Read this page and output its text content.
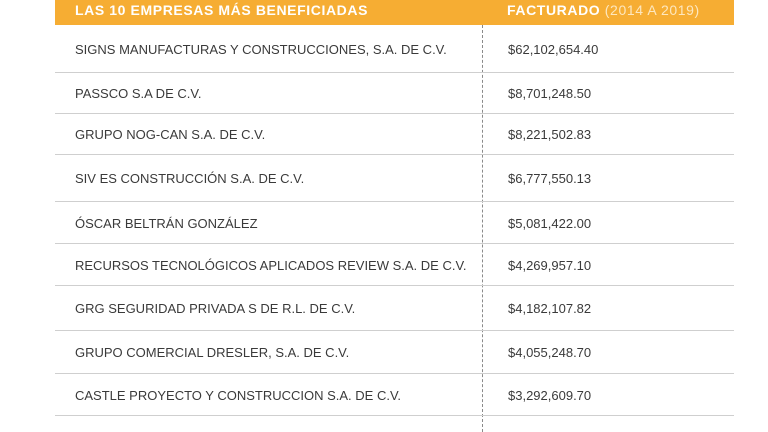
LAS 10 EMPRESAS MÁS BENEFICIADAS	FACTURADO (2014 A 2019)
SIGNS MANUFACTURAS Y CONSTRUCCIONES, S.A. DE C.V.	$62,102,654.40
PASSCO S.A DE C.V.	$8,701,248.50
GRUPO NOG-CAN S.A. DE C.V.	$8,221,502.83
SIV ES CONSTRUCCIÓN S.A. DE C.V.	$6,777,550.13
ÓSCAR BELTRÁN GONZÁLEZ	$5,081,422.00
RECURSOS TECNOLÓGICOS APLICADOS REVIEW S.A. DE C.V.	$4,269,957.10
GRG SEGURIDAD PRIVADA S DE R.L. DE C.V.	$4,182,107.82
GRUPO COMERCIAL DRESLER, S.A. DE C.V.	$4,055,248.70
CASTLE PROYECTO Y CONSTRUCCION S.A. DE C.V.	$3,292,609.70
